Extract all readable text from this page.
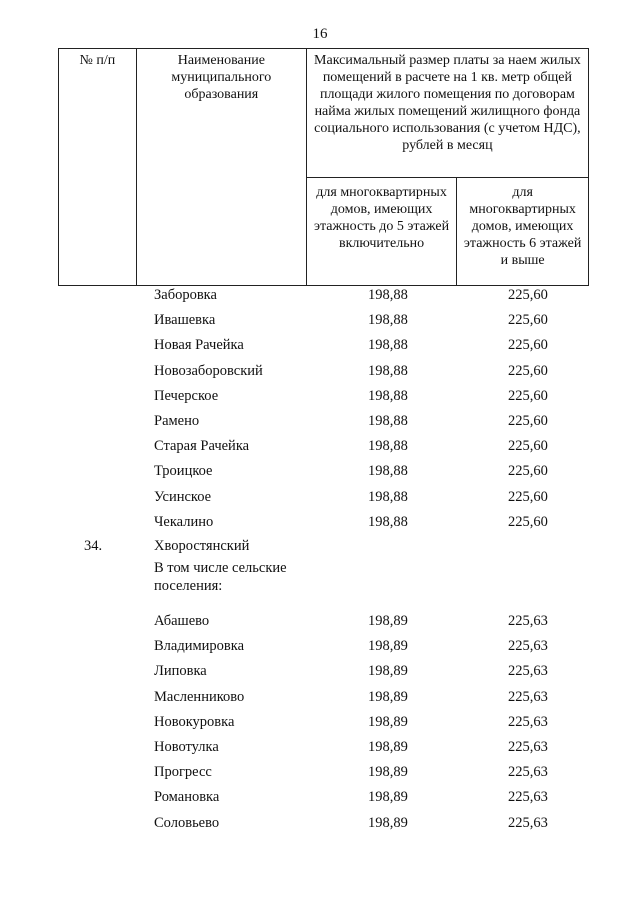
16
№ п/п	Наименование муниципального образования	Максимальный размер платы за наем жилых помещений в расчете на 1 кв. метр общей площади жилого помещения по договорам найма жилых помещений жилищного фонда социального использования (с учетом НДС), рублей в месяц	
		для многоквартирных домов, имеющих этажность до 5 этажей включительно	для многоквартирных домов, имеющих этажность 6 этажей и выше
Заборовка	198,88	225,60
Ивашевка	198,88	225,60
Новая Рачейка	198,88	225,60
Новозаборовский	198,88	225,60
Печерское	198,88	225,60
Рамено	198,88	225,60
Старая Рачейка	198,88	225,60
Троицкое	198,88	225,60
Усинское	198,88	225,60
Чекалино	198,88	225,60
34.	Хворостянский
В том числе сельские поселения:
Абашево	198,89	225,63
Владимировка	198,89	225,63
Липовка	198,89	225,63
Масленниково	198,89	225,63
Новокуровка	198,89	225,63
Новотулка	198,89	225,63
Прогресс	198,89	225,63
Романовка	198,89	225,63
Соловьево	198,89	225,63
